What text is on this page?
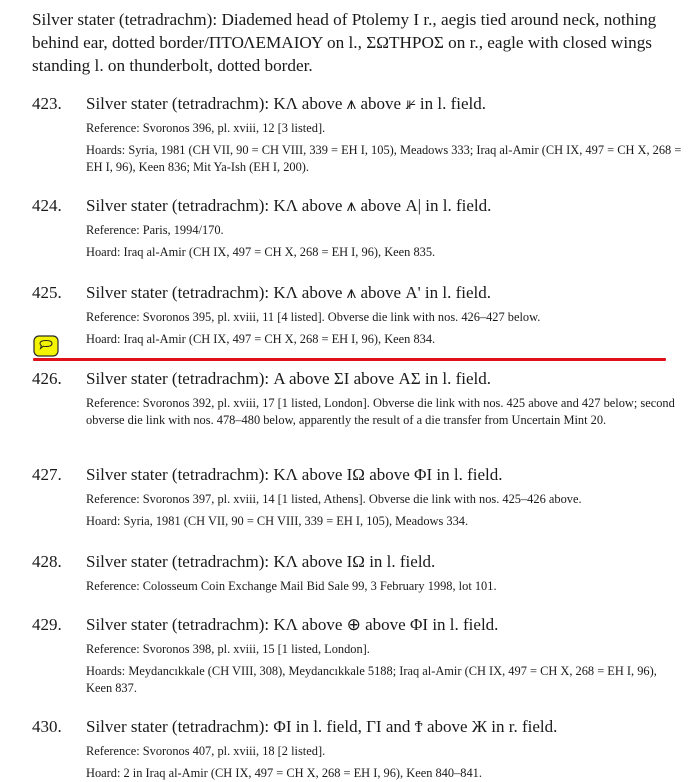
Silver stater (tetradrachm): Diademed head of Ptolemy I r., aegis tied around neck, nothing behind ear, dotted border/ΠΤΟΛΕΜΑΙΟΥ on l., ΣΩΤΗΡΟΣ on r., eagle with closed wings standing l. on thunderbolt, dotted border.
423. Silver stater (tetradrachm): ΚΛ above ⩚ above ⊮ in l. field.
Reference: Svoronos 396, pl. xviii, 12 [3 listed].
Hoards: Syria, 1981 (CH VII, 90 = CH VIII, 339 = EH I, 105), Meadows 333; Iraq al-Amir (CH IX, 497 = CH X, 268 = EH I, 96), Keen 836; Mit Ya-Ish (EH I, 200).
424. Silver stater (tetradrachm): ΚΛ above ⩚ above Α| in l. field.
Reference: Paris, 1994/170.
Hoard: Iraq al-Amir (CH IX, 497 = CH X, 268 = EH I, 96), Keen 835.
425. Silver stater (tetradrachm): ΚΛ above ⩚ above Α' in l. field.
Reference: Svoronos 395, pl. xviii, 11 [4 listed]. Obverse die link with nos. 426–427 below.
Hoard: Iraq al-Amir (CH IX, 497 = CH X, 268 = EH I, 96), Keen 834.
426. Silver stater (tetradrachm): Α above ΣΙ above ΑΣ in l. field.
Reference: Svoronos 392, pl. xviii, 17 [1 listed, London]. Obverse die link with nos. 425 above and 427 below; second obverse die link with nos. 478–480 below, apparently the result of a die transfer from Uncertain Mint 20.
427. Silver stater (tetradrachm): ΚΛ above ΙΩ above ΦΙ in l. field.
Reference: Svoronos 397, pl. xviii, 14 [1 listed, Athens]. Obverse die link with nos. 425–426 above.
Hoard: Syria, 1981 (CH VII, 90 = CH VIII, 339 = EH I, 105), Meadows 334.
428. Silver stater (tetradrachm): ΚΛ above ΙΩ in l. field.
Reference: Colosseum Coin Exchange Mail Bid Sale 99, 3 February 1998, lot 101.
429. Silver stater (tetradrachm): ΚΛ above ⊕ above ΦΙ in l. field.
Reference: Svoronos 398, pl. xviii, 15 [1 listed, London].
Hoards: Meydancıkkale (CH VIII, 308), Meydancıkkale 5188; Iraq al-Amir (CH IX, 497 = CH X, 268 = EH I, 96), Keen 837.
430. Silver stater (tetradrachm): ΦΙ in l. field, ΓΙ and Ϯ above Ж in r. field.
Reference: Svoronos 407, pl. xviii, 18 [2 listed].
Hoard: 2 in Iraq al-Amir (CH IX, 497 = CH X, 268 = EH I, 96), Keen 840–841.
